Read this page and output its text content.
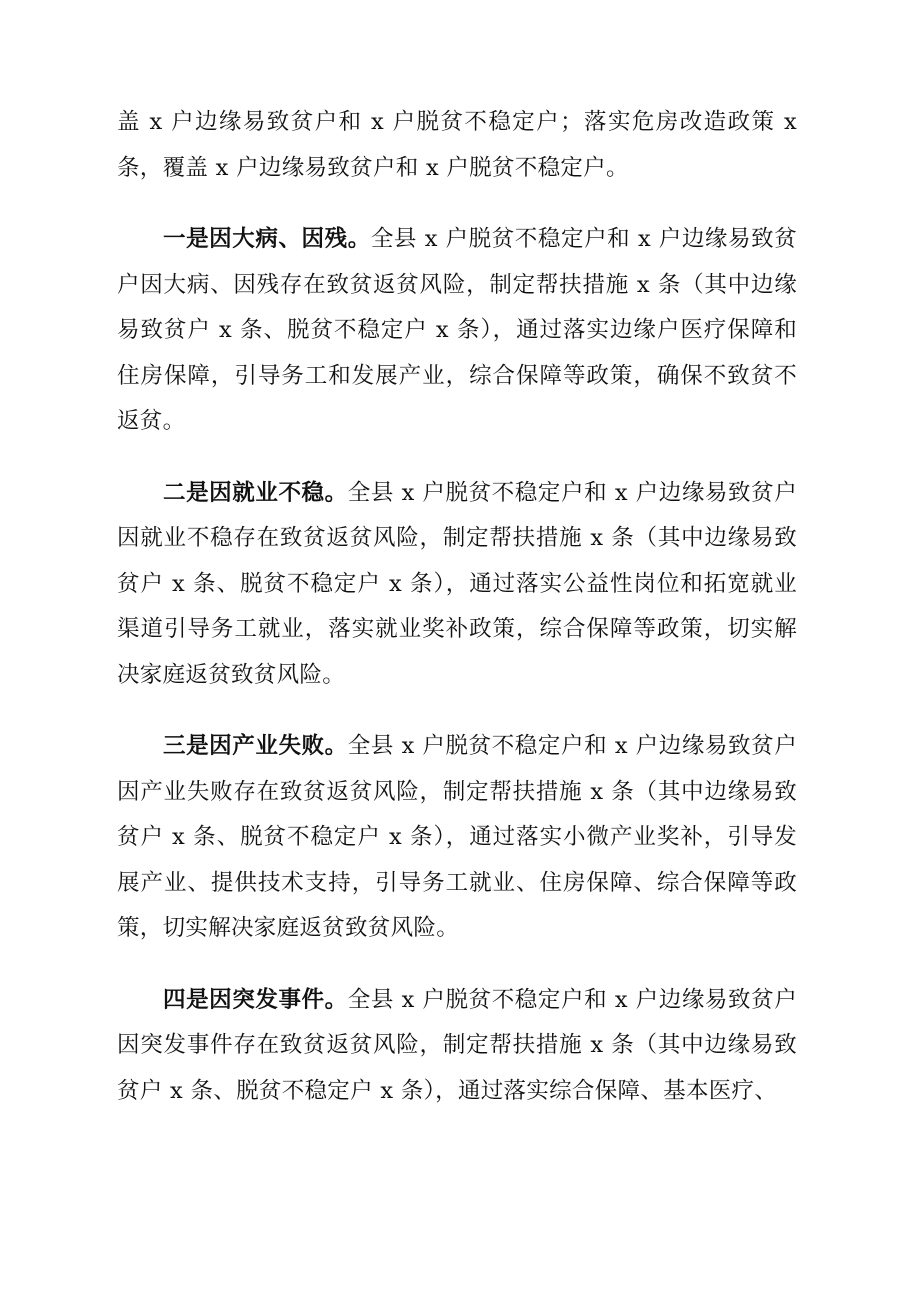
盖 x 户边缘易致贫户和 x 户脱贫不稳定户；落实危房改造政策 x 条，覆盖 x 户边缘易致贫户和 x 户脱贫不稳定户。

一是因大病、因残。全县 x 户脱贫不稳定户和 x 户边缘易致贫户因大病、因残存在致贫返贫风险，制定帮扶措施 x 条（其中边缘易致贫户 x 条、脱贫不稳定户 x 条），通过落实边缘户医疗保障和住房保障，引导务工和发展产业，综合保障等政策，确保不致贫不返贫。

二是因就业不稳。全县 x 户脱贫不稳定户和 x 户边缘易致贫户因就业不稳存在致贫返贫风险，制定帮扶措施 x 条（其中边缘易致贫户 x 条、脱贫不稳定户 x 条），通过落实公益性岗位和拓宽就业渠道引导务工就业，落实就业奖补政策，综合保障等政策，切实解决家庭返贫致贫风险。

三是因产业失败。全县 x 户脱贫不稳定户和 x 户边缘易致贫户因产业失败存在致贫返贫风险，制定帮扶措施 x 条（其中边缘易致贫户 x 条、脱贫不稳定户 x 条），通过落实小微产业奖补，引导发展产业、提供技术支持，引导务工就业、住房保障、综合保障等政策，切实解决家庭返贫致贫风险。

四是因突发事件。全县 x 户脱贫不稳定户和 x 户边缘易致贫户因突发事件存在致贫返贫风险，制定帮扶措施 x 条（其中边缘易致贫户 x 条、脱贫不稳定户 x 条），通过落实综合保障、基本医疗、
